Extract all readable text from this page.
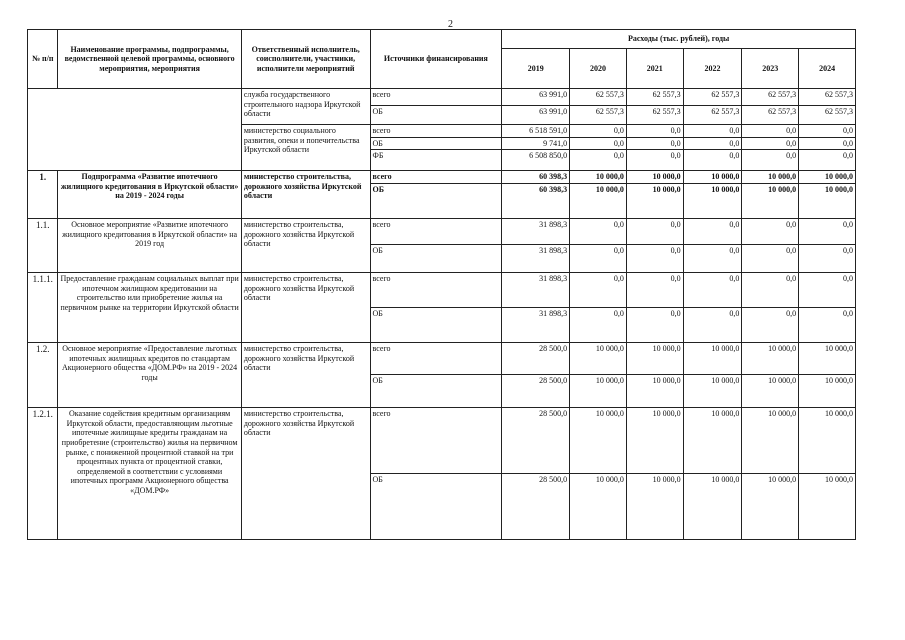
2
№ п/п	Наименование программы, подпрограммы, ведомственной целевой программы, основного мероприятия, мероприятия	Ответственный исполнитель, соисполнители, участники, исполнители мероприятий	Источники финансирования	Расходы (тыс. рублей), годы					
				2019	2020	2021	2022	2023	2024
		служба государственного строительного надзора Иркутской области	всего	63 991,0	62 557,3	62 557,3	62 557,3	62 557,3	62 557,3
			ОБ	63 991,0	62 557,3	62 557,3	62 557,3	62 557,3	62 557,3
		министерство социального развития, опеки и попечительства Иркутской области	всего	6 518 591,0	0,0	0,0	0,0	0,0	0,0
			ОБ	9 741,0	0,0	0,0	0,0	0,0	0,0
			ФБ	6 508 850,0	0,0	0,0	0,0	0,0	0,0
1.	Подпрограмма «Развитие ипотечного жилищного кредитования в Иркутской области» на 2019 - 2024 годы	министерство строительства, дорожного хозяйства Иркутской области	всего	60 398,3	10 000,0	10 000,0	10 000,0	10 000,0	10 000,0
			ОБ	60 398,3	10 000,0	10 000,0	10 000,0	10 000,0	10 000,0
1.1.	Основное мероприятие «Развитие ипотечного жилищного кредитования в Иркутской области» на 2019 год	министерство строительства, дорожного хозяйства Иркутской области	всего	31 898,3	0,0	0,0	0,0	0,0	0,0
			ОБ	31 898,3	0,0	0,0	0,0	0,0	0,0
1.1.1.	Предоставление гражданам социальных выплат при ипотечном жилищном кредитовании на строительство или приобретение жилья на первичном рынке на территории Иркутской области	министерство строительства, дорожного хозяйства Иркутской области	всего	31 898,3	0,0	0,0	0,0	0,0	0,0
			ОБ	31 898,3	0,0	0,0	0,0	0,0	0,0
1.2.	Основное мероприятие «Предоставление льготных ипотечных жилищных кредитов по стандартам Акционерного общества «ДОМ.РФ» на 2019 - 2024 годы	министерство строительства, дорожного хозяйства Иркутской области	всего	28 500,0	10 000,0	10 000,0	10 000,0	10 000,0	10 000,0
			ОБ	28 500,0	10 000,0	10 000,0	10 000,0	10 000,0	10 000,0
1.2.1.	Оказание содействия кредитным организациям Иркутской области, предоставляющим льготные ипотечные жилищные кредиты гражданам на приобретение (строительство) жилья на первичном рынке, с пониженной процентной ставкой на три процентных пункта от процентной ставки, определяемой в соответствии с условиями ипотечных программ Акционерного общества «ДОМ.РФ»	министерство строительства, дорожного хозяйства Иркутской области	всего	28 500,0	10 000,0	10 000,0	10 000,0	10 000,0	10 000,0
			ОБ	28 500,0	10 000,0	10 000,0	10 000,0	10 000,0	10 000,0
